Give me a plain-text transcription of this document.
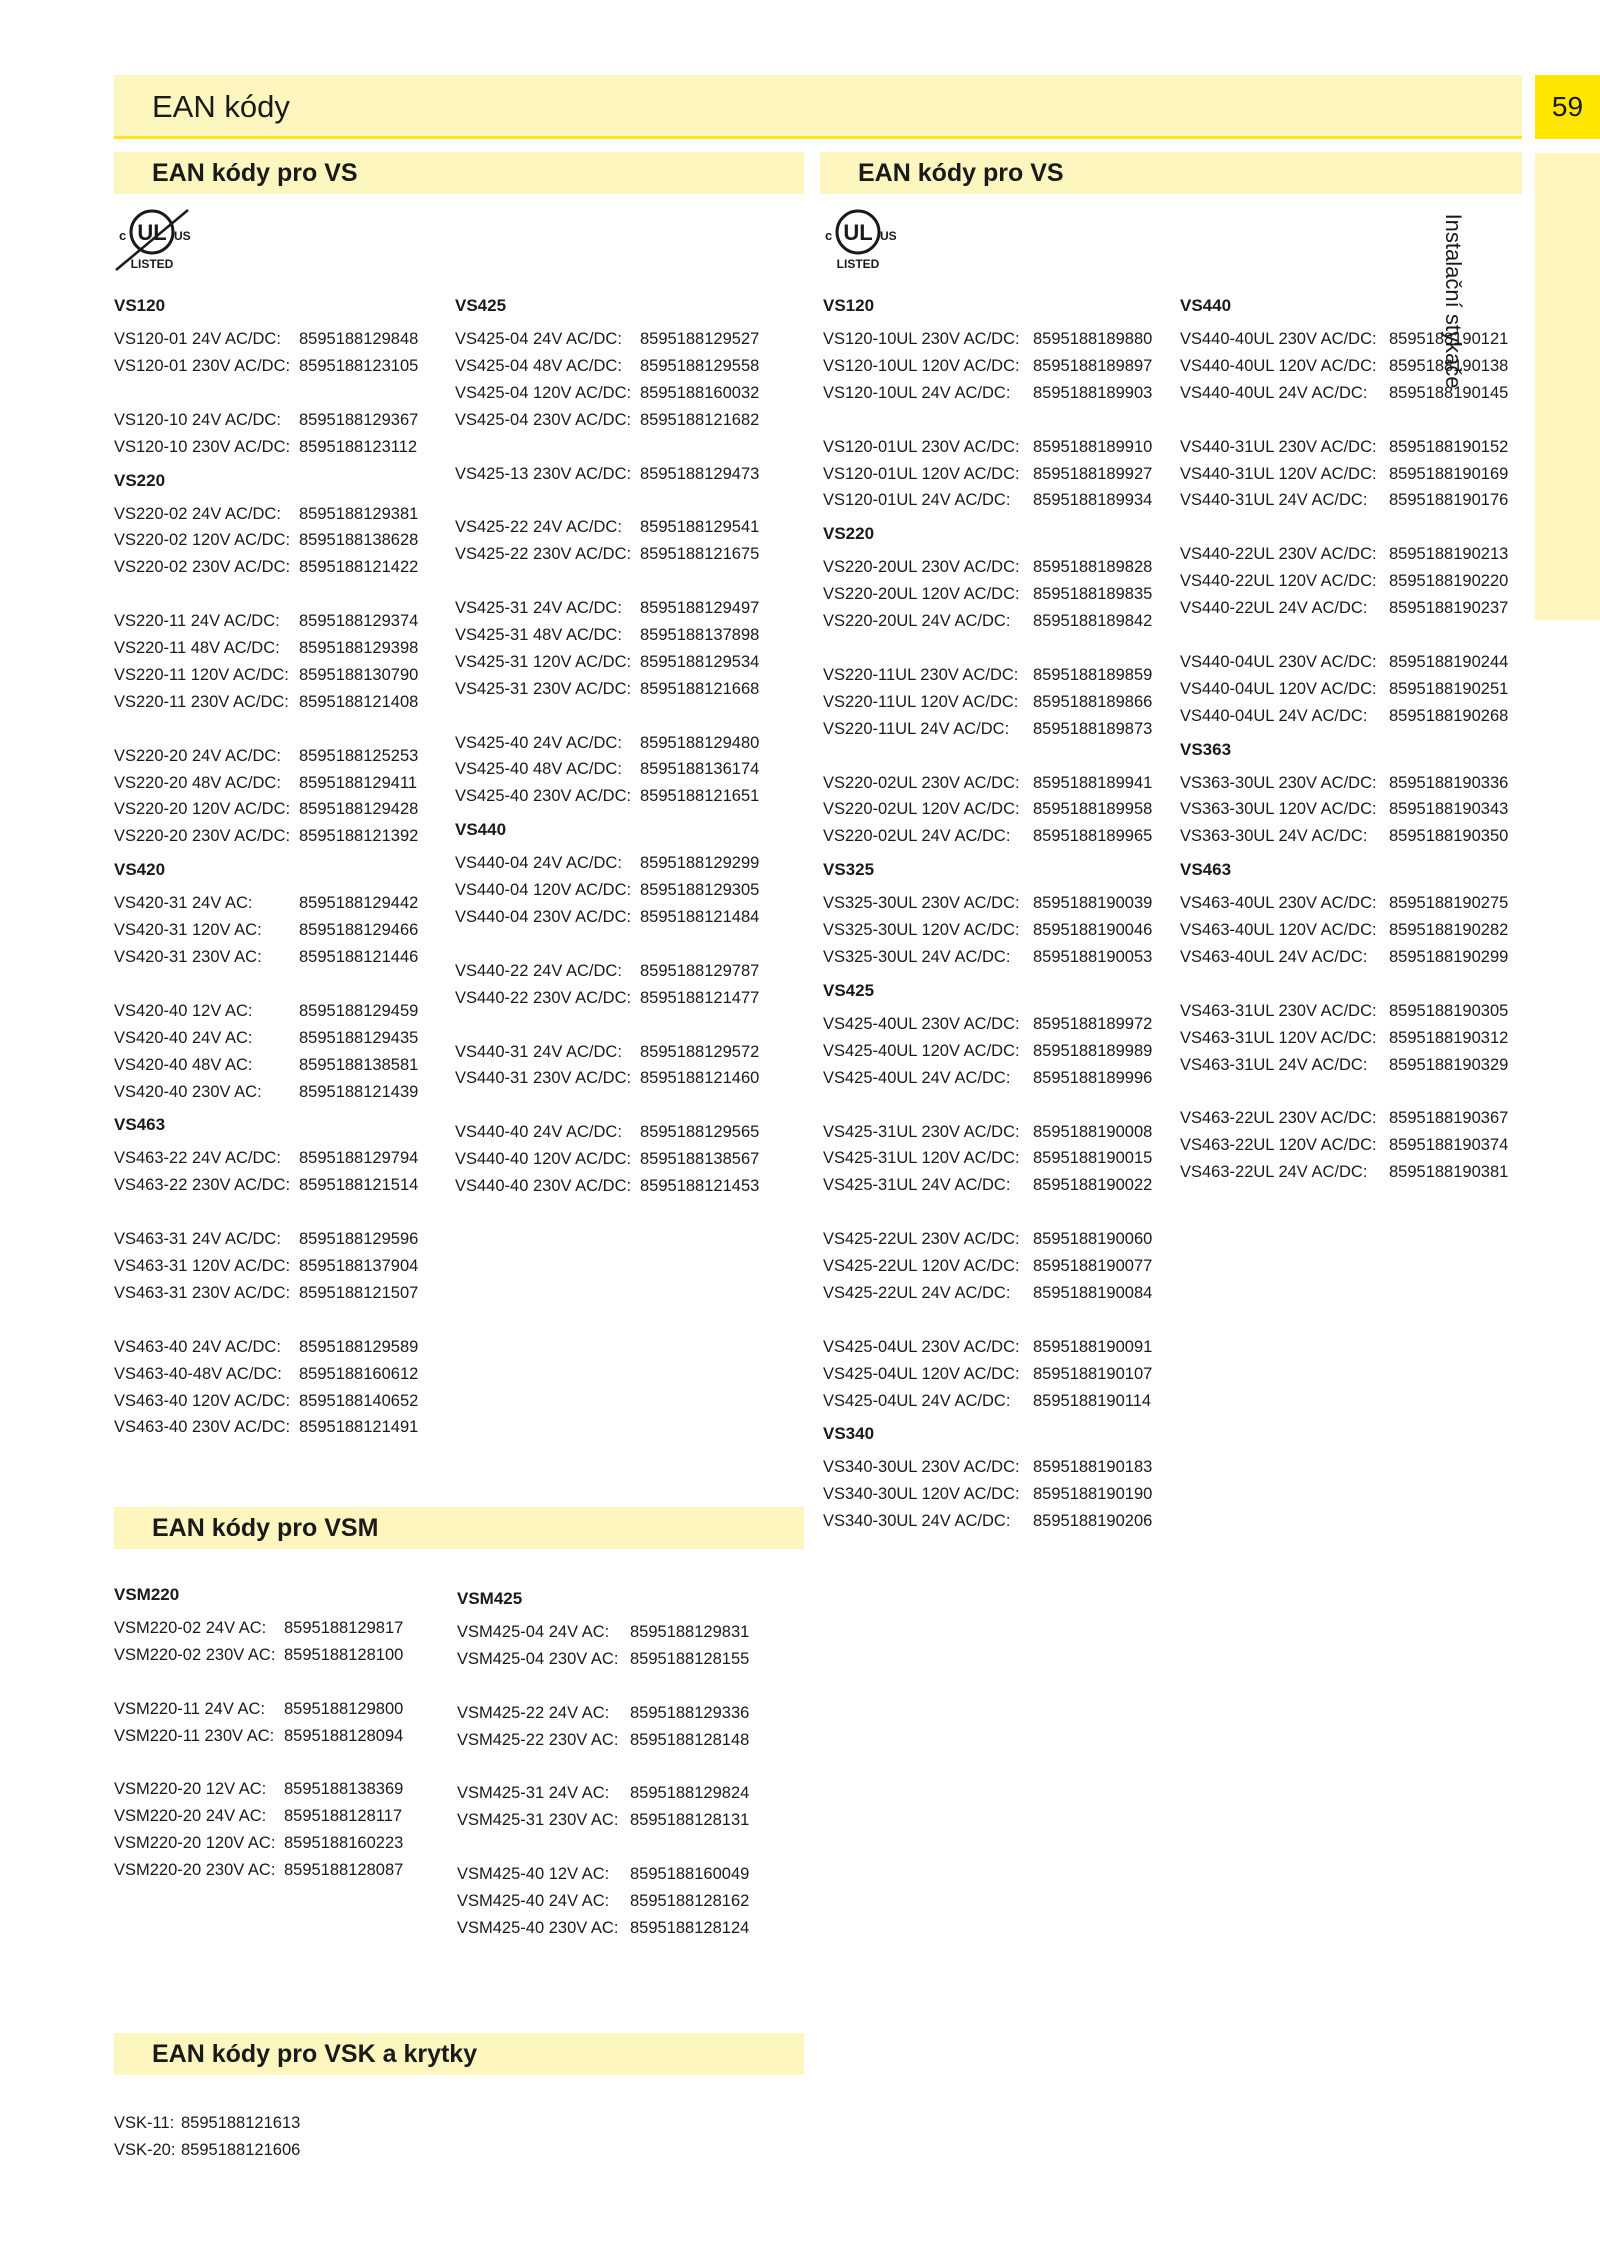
EAN kódy	59
Instalační stykače
EAN kódy pro VS	EAN kódy pro VS
EAN kódy pro VSM
EAN kódy pro VSK a krytky
UL
c	US
LISTED
UL
c	US
LISTED
VS120
VS120-01 24V AC/DC: 8595188129848
VS120-01 230V AC/DC: 8595188123105
VS120-10 24V AC/DC: 8595188129367
VS120-10 230V AC/DC: 8595188123112
VS220
VS220-02 24V AC/DC: 8595188129381
VS220-02 120V AC/DC: 8595188138628
VS220-02 230V AC/DC: 8595188121422
VS220-11 24V AC/DC: 8595188129374
VS220-11 48V AC/DC: 8595188129398
VS220-11 120V AC/DC: 8595188130790
VS220-11 230V AC/DC: 8595188121408
VS220-20 24V AC/DC: 8595188125253
VS220-20 48V AC/DC: 8595188129411
VS220-20 120V AC/DC: 8595188129428
VS220-20 230V AC/DC: 8595188121392
VS420
VS420-31 24V AC:	8595188129442
VS420-31 120V AC: 8595188129466
VS420-31 230V AC: 8595188121446
VS420-40 12V AC:	8595188129459
VS420-40 24V AC:	8595188129435
VS420-40 48V AC:	8595188138581
VS420-40 230V AC: 8595188121439
VS463
VS463-22 24V AC/DC: 8595188129794
VS463-22 230V AC/DC: 8595188121514
VS463-31 24V AC/DC: 8595188129596
VS463-31 120V AC/DC: 8595188137904
VS463-31 230V AC/DC: 8595188121507
VS463-40 24V AC/DC: 8595188129589
VS463-40-48V AC/DC: 8595188160612
VS463-40 120V AC/DC: 8595188140652
VS463-40 230V AC/DC: 8595188121491
VS425
VS425-04 24V AC/DC: 8595188129527
VS425-04 48V AC/DC: 8595188129558
VS425-04 120V AC/DC: 8595188160032
VS425-04 230V AC/DC: 8595188121682
VS425-13 230V AC/DC: 8595188129473
VS425-22 24V AC/DC: 8595188129541
VS425-22 230V AC/DC: 8595188121675
VS425-31 24V AC/DC: 8595188129497
VS425-31 48V AC/DC: 8595188137898
VS425-31 120V AC/DC: 8595188129534
VS425-31 230V AC/DC: 8595188121668
VS425-40 24V AC/DC: 8595188129480
VS425-40 48V AC/DC: 8595188136174
VS425-40 230V AC/DC: 8595188121651
VS440
VS440-04 24V AC/DC: 8595188129299
VS440-04 120V AC/DC: 8595188129305
VS440-04 230V AC/DC: 8595188121484
VS440-22 24V AC/DC: 8595188129787
VS440-22 230V AC/DC: 8595188121477
VS440-31 24V AC/DC: 8595188129572
VS440-31 230V AC/DC: 8595188121460
VS440-40 24V AC/DC: 8595188129565
VS440-40 120V AC/DC: 8595188138567
VS440-40 230V AC/DC: 8595188121453
VS120
VS120-10UL 230V AC/DC: 8595188189880
VS120-10UL 120V AC/DC: 8595188189897
VS120-10UL 24V AC/DC: 8595188189903
VS120-01UL 230V AC/DC: 8595188189910
VS120-01UL 120V AC/DC: 8595188189927
VS120-01UL 24V AC/DC: 8595188189934
VS220
VS220-20UL 230V AC/DC: 8595188189828
VS220-20UL 120V AC/DC: 8595188189835
VS220-20UL 24V AC/DC: 8595188189842
VS220-11UL 230V AC/DC: 8595188189859
VS220-11UL 120V AC/DC: 8595188189866
VS220-11UL 24V AC/DC: 8595188189873
VS220-02UL 230V AC/DC: 8595188189941
VS220-02UL 120V AC/DC: 8595188189958
VS220-02UL 24V AC/DC: 8595188189965
VS325
VS325-30UL 230V AC/DC: 8595188190039
VS325-30UL 120V AC/DC: 8595188190046
VS325-30UL 24V AC/DC: 8595188190053
VS425
VS425-40UL 230V AC/DC: 8595188189972
VS425-40UL 120V AC/DC: 8595188189989
VS425-40UL 24V AC/DC: 8595188189996
VS425-31UL 230V AC/DC: 8595188190008
VS425-31UL 120V AC/DC: 8595188190015
VS425-31UL 24V AC/DC: 8595188190022
VS425-22UL 230V AC/DC: 8595188190060
VS425-22UL 120V AC/DC: 8595188190077
VS425-22UL 24V AC/DC: 8595188190084
VS425-04UL 230V AC/DC: 8595188190091
VS425-04UL 120V AC/DC: 8595188190107
VS425-04UL 24V AC/DC: 8595188190114
VS340
VS340-30UL 230V AC/DC: 8595188190183
VS340-30UL 120V AC/DC: 8595188190190
VS340-30UL 24V AC/DC: 8595188190206
VS440
VS440-40UL 230V AC/DC: 8595188190121
VS440-40UL 120V AC/DC: 8595188190138
VS440-40UL 24V AC/DC: 8595188190145
VS440-31UL 230V AC/DC: 8595188190152
VS440-31UL 120V AC/DC: 8595188190169
VS440-31UL 24V AC/DC: 8595188190176
VS440-22UL 230V AC/DC: 8595188190213
VS440-22UL 120V AC/DC: 8595188190220
VS440-22UL 24V AC/DC: 8595188190237
VS440-04UL 230V AC/DC: 8595188190244
VS440-04UL 120V AC/DC: 8595188190251
VS440-04UL 24V AC/DC: 8595188190268
VS363
VS363-30UL 230V AC/DC: 8595188190336
VS363-30UL 120V AC/DC: 8595188190343
VS363-30UL 24V AC/DC: 8595188190350
VS463
VS463-40UL 230V AC/DC: 8595188190275
VS463-40UL 120V AC/DC: 8595188190282
VS463-40UL 24V AC/DC: 8595188190299
VS463-31UL 230V AC/DC: 8595188190305
VS463-31UL 120V AC/DC: 8595188190312
VS463-31UL 24V AC/DC: 8595188190329
VS463-22UL 230V AC/DC: 8595188190367
VS463-22UL 120V AC/DC: 8595188190374
VS463-22UL 24V AC/DC: 8595188190381
VSM220
VSM220-02 24V AC: 8595188129817
VSM220-02 230V AC: 8595188128100
VSM220-11 24V AC: 8595188129800
VSM220-11 230V AC: 8595188128094
VSM220-20 12V AC: 8595188138369
VSM220-20 24V AC: 8595188128117
VSM220-20 120V AC: 8595188160223
VSM220-20 230V AC: 8595188128087
VSM425
VSM425-04 24V AC: 8595188129831
VSM425-04 230V AC: 8595188128155
VSM425-22 24V AC: 8595188129336
VSM425-22 230V AC: 8595188128148
VSM425-31 24V AC: 8595188129824
VSM425-31 230V AC: 8595188128131
VSM425-40 12V AC: 8595188160049
VSM425-40 24V AC: 8595188128162
VSM425-40 230V AC: 8595188128124
VSK-11: 8595188121613
VSK-20: 8595188121606
